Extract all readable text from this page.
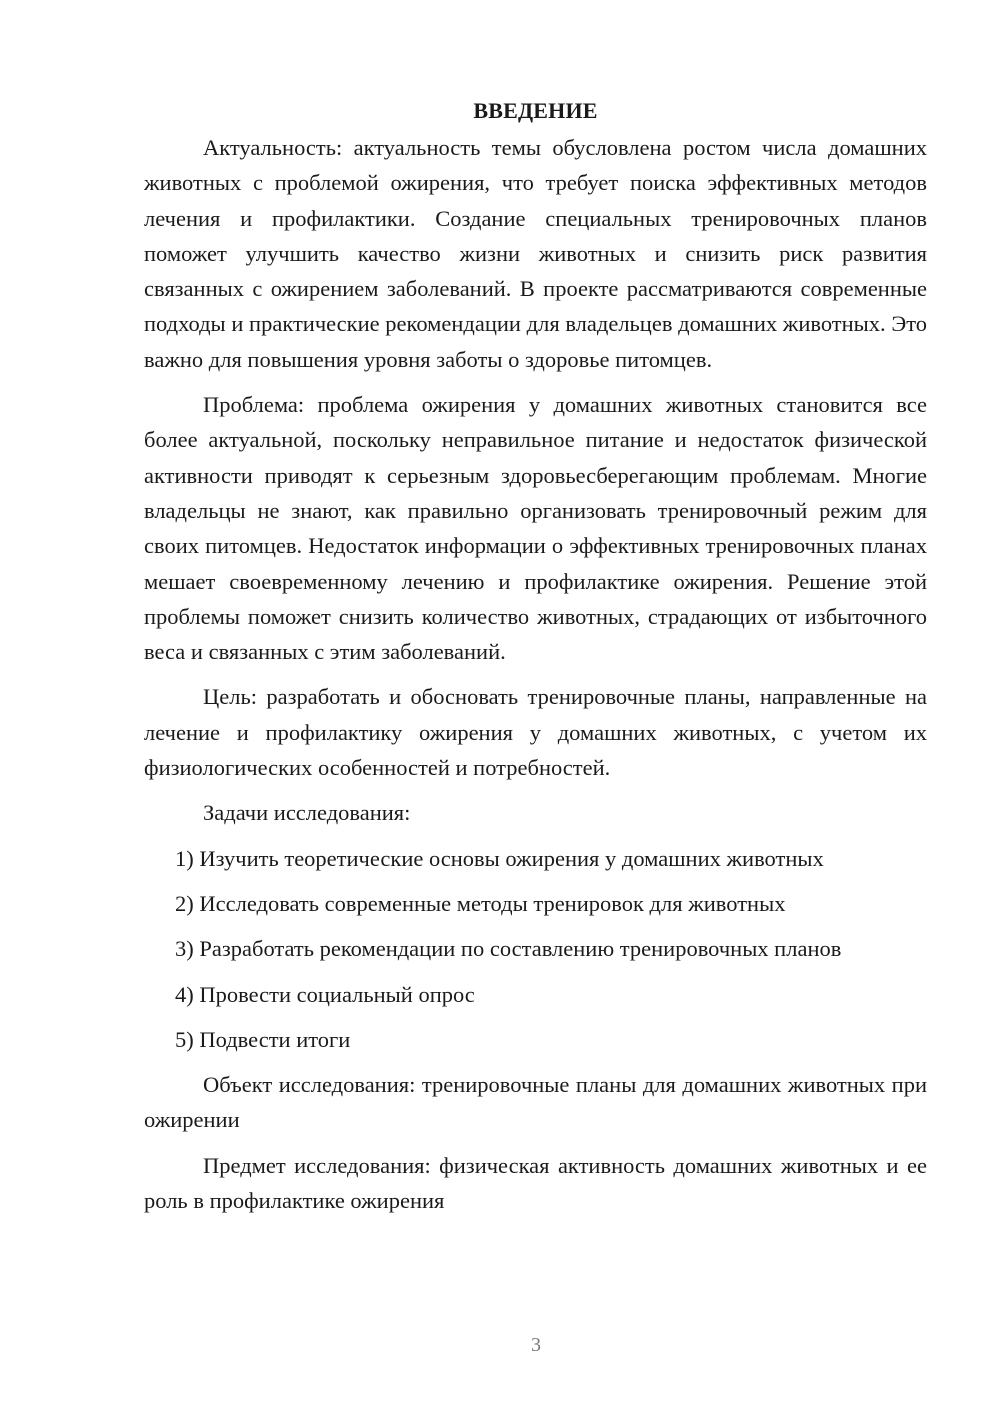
ВВЕДЕНИЕ

Актуальность: актуальность темы обусловлена ростом числа домашних животных с проблемой ожирения, что требует поиска эффективных методов лечения и профилактики. Создание специальных тренировочных планов поможет улучшить качество жизни животных и снизить риск развития связанных с ожирением заболеваний. В проекте рассматриваются современные подходы и практические рекомендации для владельцев домашних животных. Это важно для повышения уровня заботы о здоровье питомцев.

Проблема: проблема ожирения у домашних животных становится все более актуальной, поскольку неправильное питание и недостаток физической активности приводят к серьезным здоровьесберегающим проблемам. Многие владельцы не знают, как правильно организовать тренировочный режим для своих питомцев. Недостаток информации о эффективных тренировочных планах мешает своевременному лечению и профилактике ожирения. Решение этой проблемы поможет снизить количество животных, страдающих от избыточного веса и связанных с этим заболеваний.

Цель: разработать и обосновать тренировочные планы, направленные на лечение и профилактику ожирения у домашних животных, с учетом их физиологических особенностей и потребностей.

Задачи исследования:
1) Изучить теоретические основы ожирения у домашних животных
2) Исследовать современные методы тренировок для животных
3) Разработать рекомендации по составлению тренировочных планов
4) Провести социальный опрос
5) Подвести итоги

Объект исследования: тренировочные планы для домашних животных при ожирении

Предмет исследования: физическая активность домашних животных и ее роль в профилактике ожирения

3
